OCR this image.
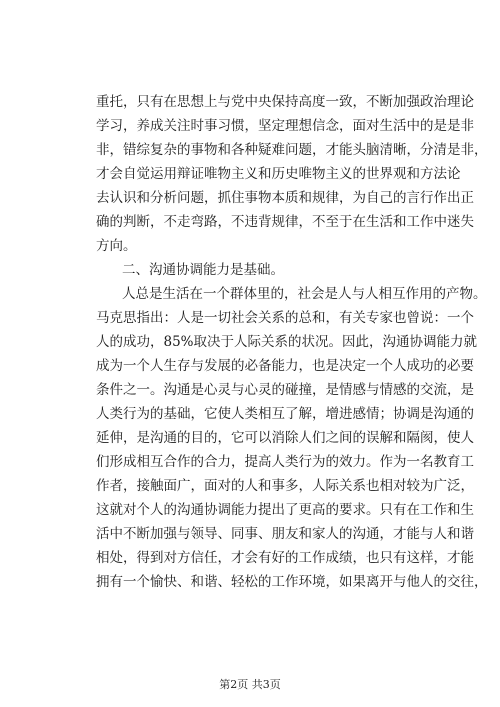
重托，只有在思想上与党中央保持高度一致，不断加强政治理论
学习，养成关注时事习惯，坚定理想信念，面对生活中的是是非
非，错综复杂的事物和各种疑难问题，才能头脑清晰，分清是非，
才会自觉运用辩证唯物主义和历史唯物主义的世界观和方法论
去认识和分析问题，抓住事物本质和规律，为自己的言行作出正
确的判断，不走弯路，不违背规律，不至于在生活和工作中迷失
方向。
二、沟通协调能力是基础。
人总是生活在一个群体里的，社会是人与人相互作用的产物。
马克思指出：人是一切社会关系的总和，有关专家也曾说：一个
人的成功，85%取决于人际关系的状况。因此，沟通协调能力就
成为一个人生存与发展的必备能力，也是决定一个人成功的必要
条件之一。沟通是心灵与心灵的碰撞，是情感与情感的交流，是
人类行为的基础，它使人类相互了解，增进感情；协调是沟通的
延伸，是沟通的目的，它可以消除人们之间的误解和隔阂，使人
们形成相互合作的合力，提高人类行为的效力。作为一名教育工
作者，接触面广，面对的人和事多，人际关系也相对较为广泛，
这就对个人的沟通协调能力提出了更高的要求。只有在工作和生
活中不断加强与领导、同事、朋友和家人的沟通，才能与人和谐
相处，得到对方信任，才会有好的工作成绩，也只有这样，才能
拥有一个愉快、和谐、轻松的工作环境，如果离开与他人的交往，
第2页 共3页
